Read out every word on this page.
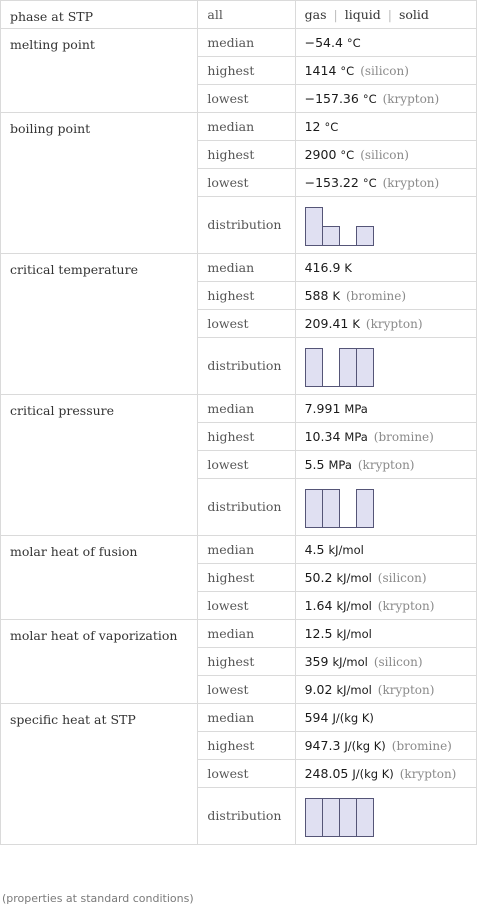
phase at STP	all	gas | liquid | solid

melting point	median	−54.4 °C

	highest	1414 °C (silicon)

	lowest	−157.36 °C (krypton)

boiling point	median	12 °C

	highest	2900 °C (silicon)

	lowest	−153.22 °C (krypton)

	distribution

critical temperature	median	416.9 K

	highest	588 K (bromine)

	lowest	209.41 K (krypton)

	distribution

critical pressure	median	7.991 MPa

	highest	10.34 MPa (bromine)

	lowest	5.5 MPa (krypton)

	distribution

molar heat of fusion	median	4.5 kJ/mol

	highest	50.2 kJ/mol (silicon)

	lowest	1.64 kJ/mol (krypton)

molar heat of vaporization	median	12.5 kJ/mol

	highest	359 kJ/mol (silicon)

	lowest	9.02 kJ/mol (krypton)

specific heat at STP	median	594 J/(kg K)

	highest	947.3 J/(kg K) (bromine)

	lowest	248.05 J/(kg K) (krypton)

	distribution

(properties at standard conditions)
